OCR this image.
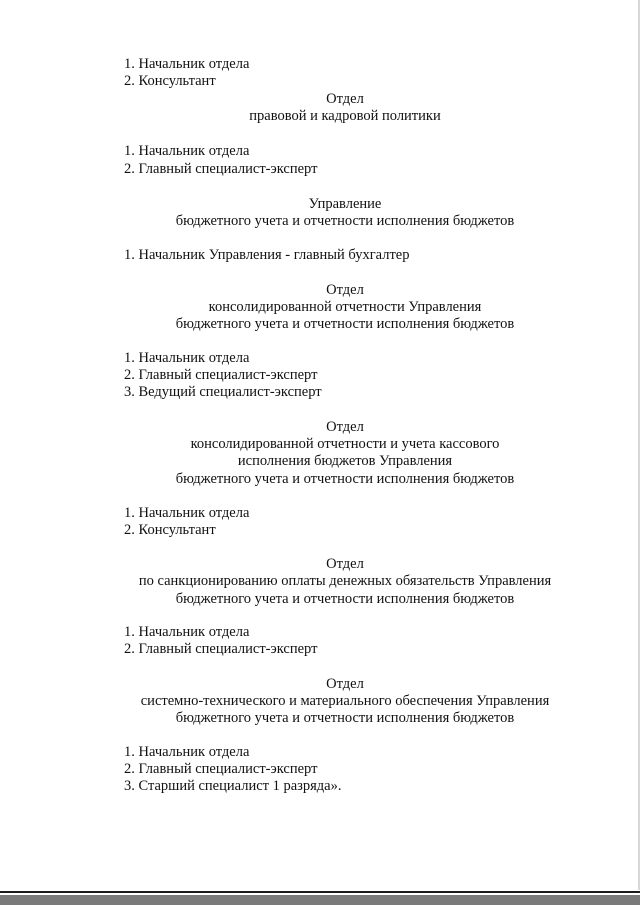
1. Начальник отдела
2. Консультант
Отдел
правовой и кадровой политики
1. Начальник отдела
2. Главный специалист-эксперт
Управление
бюджетного учета и отчетности исполнения бюджетов
1. Начальник Управления - главный бухгалтер
Отдел
консолидированной отчетности Управления
бюджетного учета и отчетности исполнения бюджетов
1. Начальник отдела
2. Главный специалист-эксперт
3. Ведущий специалист-эксперт
Отдел
консолидированной отчетности и учета кассового
исполнения бюджетов Управления
бюджетного учета и отчетности исполнения бюджетов
1. Начальник отдела
2. Консультант
Отдел
по санкционированию оплаты денежных обязательств Управления
бюджетного учета и отчетности исполнения бюджетов
1. Начальник отдела
2. Главный специалист-эксперт
Отдел
системно-технического и материального обеспечения Управления
бюджетного учета и отчетности исполнения бюджетов
1. Начальник отдела
2. Главный специалист-эксперт
3. Старший специалист 1 разряда».
